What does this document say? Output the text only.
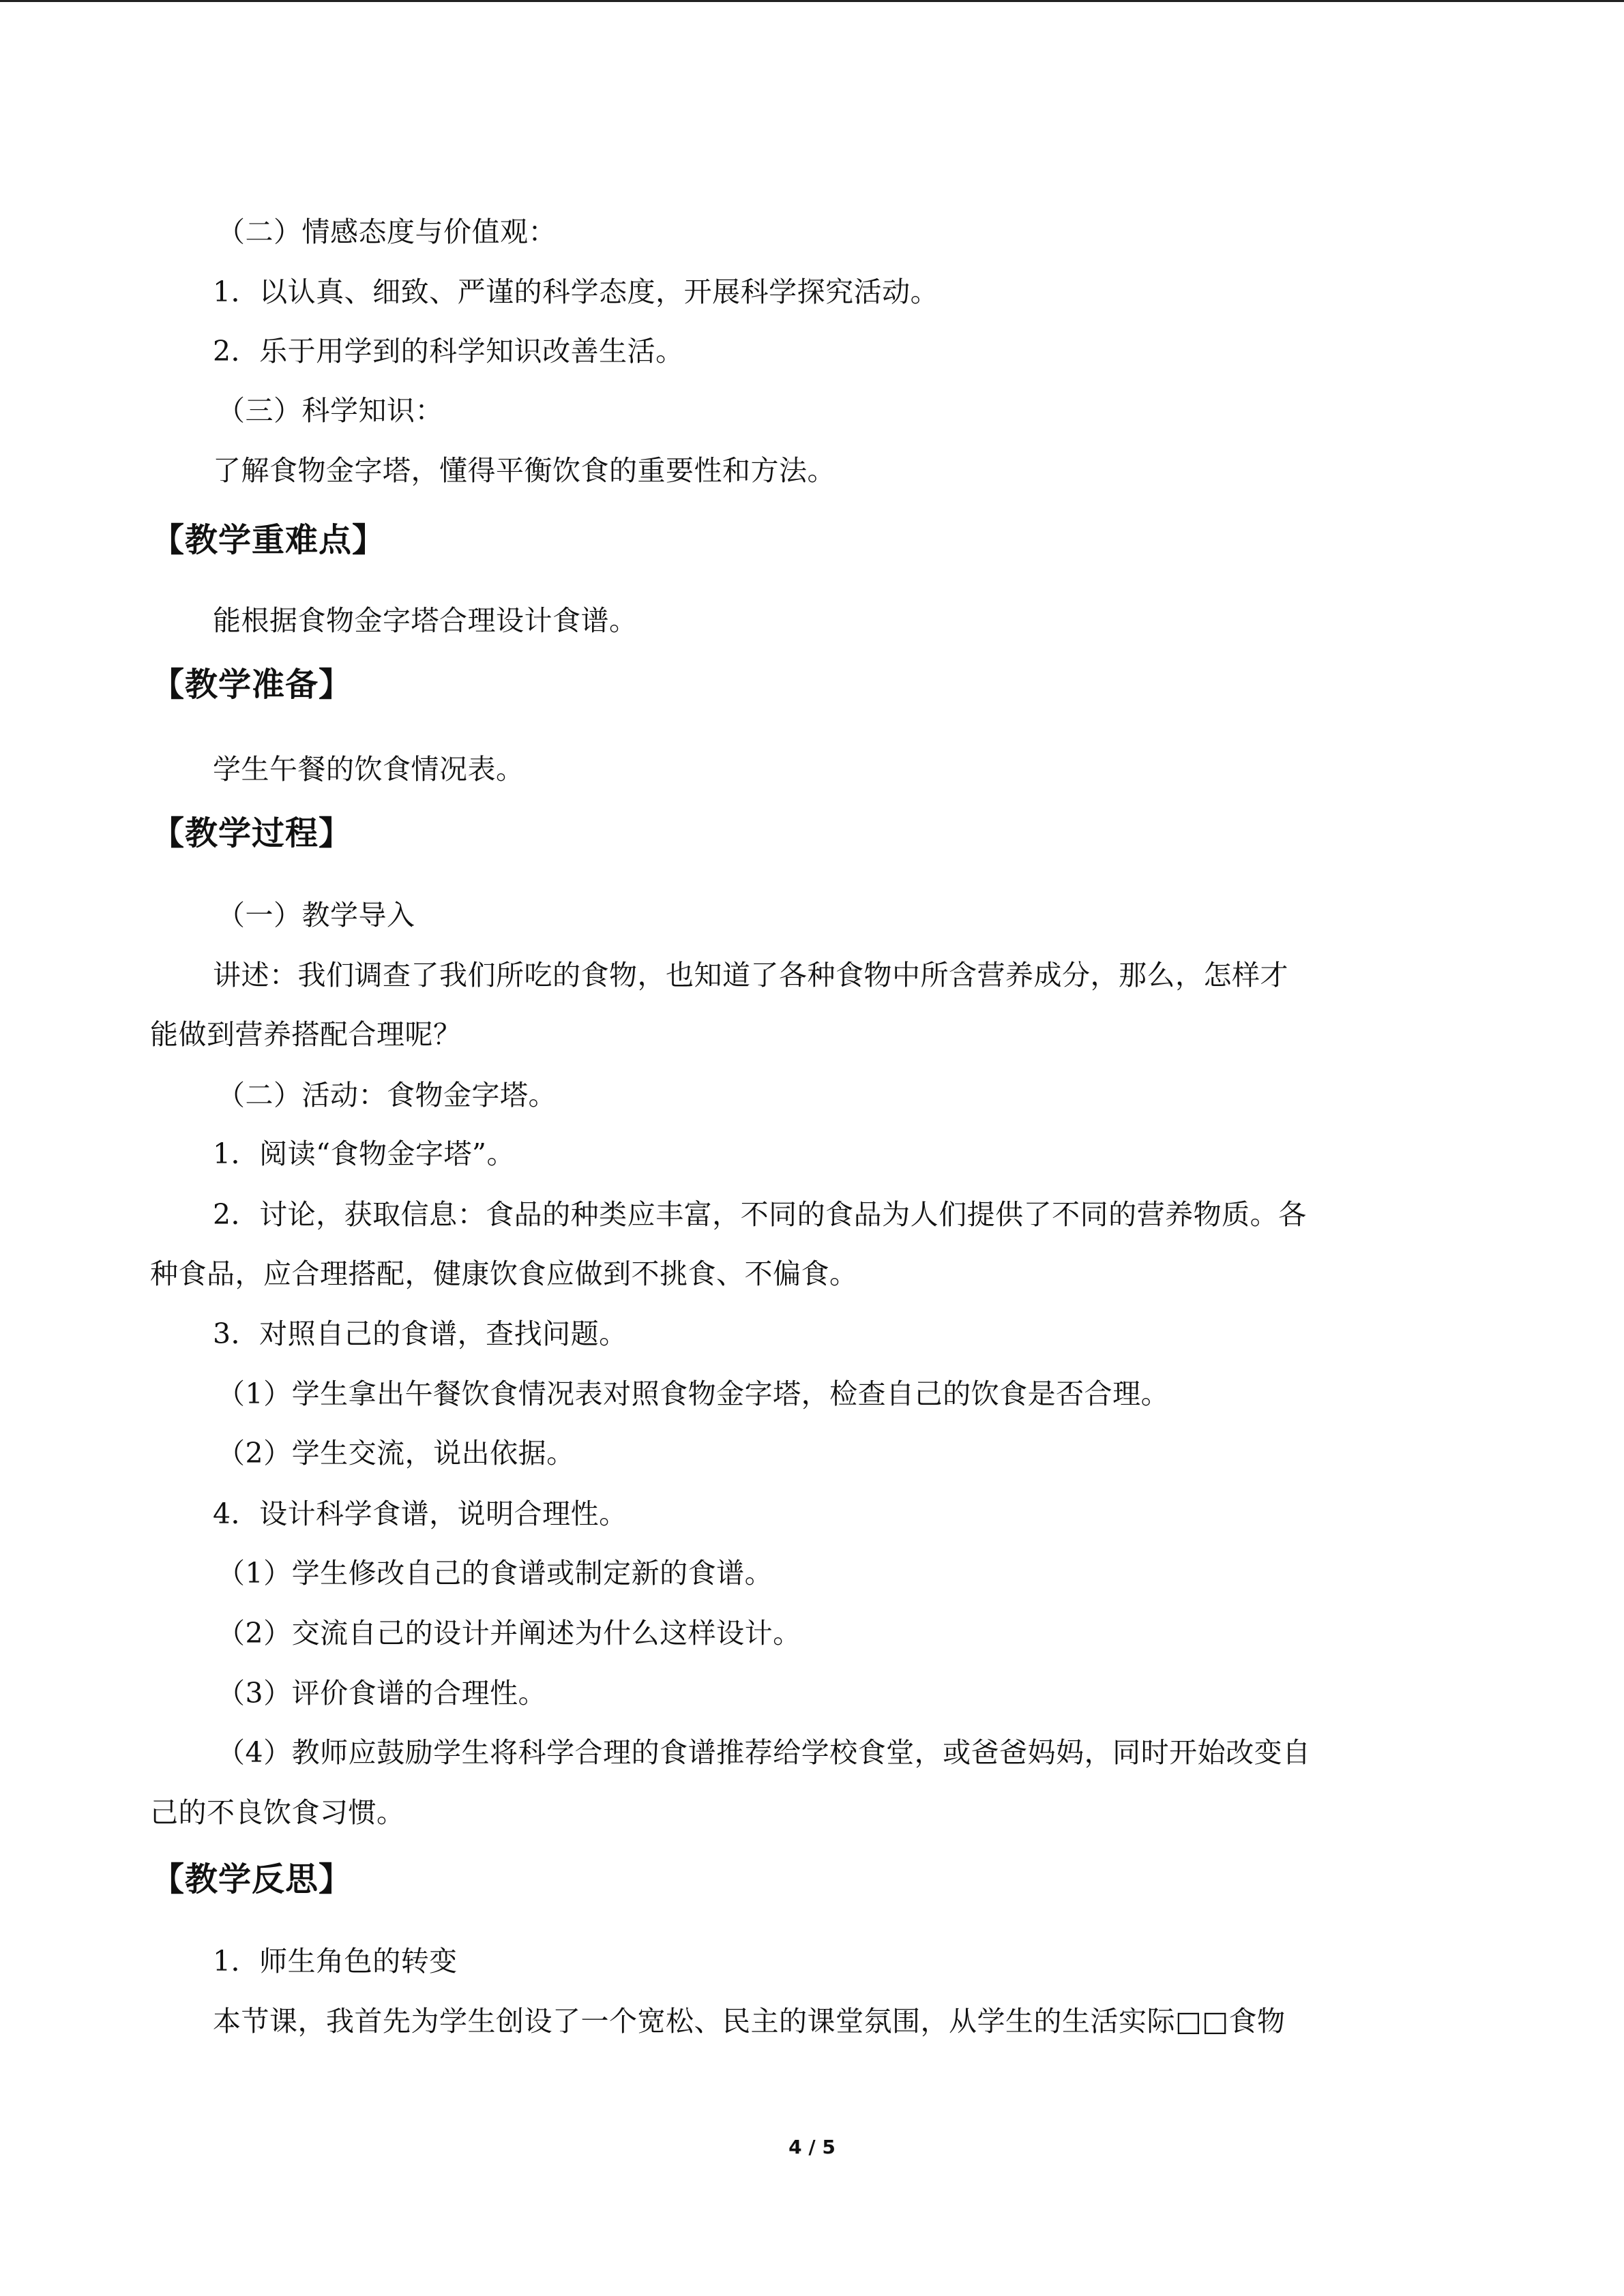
（二）情感态度与价值观：
1．以认真、细致、严谨的科学态度，开展科学探究活动。
2．乐于用学到的科学知识改善生活。
（三）科学知识：
了解食物金字塔，懂得平衡饮食的重要性和方法。
【教学重难点】
能根据食物金字塔合理设计食谱。
【教学准备】
学生午餐的饮食情况表。
【教学过程】
（一）教学导入
讲述：我们调查了我们所吃的食物，也知道了各种食物中所含营养成分，那么，怎样才
能做到营养搭配合理呢？
（二）活动：食物金字塔。
1．阅读“食物金字塔”。
2．讨论，获取信息：食品的种类应丰富，不同的食品为人们提供了不同的营养物质。各
种食品，应合理搭配，健康饮食应做到不挑食、不偏食。
3．对照自己的食谱，查找问题。
（1）学生拿出午餐饮食情况表对照食物金字塔，检查自己的饮食是否合理。
（2）学生交流，说出依据。
4．设计科学食谱，说明合理性。
（1）学生修改自己的食谱或制定新的食谱。
（2）交流自己的设计并阐述为什么这样设计。
（3）评价食谱的合理性。
（4）教师应鼓励学生将科学合理的食谱推荐给学校食堂，或爸爸妈妈，同时开始改变自
己的不良饮食习惯。
【教学反思】
1．师生角色的转变
本节课，我首先为学生创设了一个宽松、民主的课堂氛围，从学生的生活实际□□食物
4 / 5
